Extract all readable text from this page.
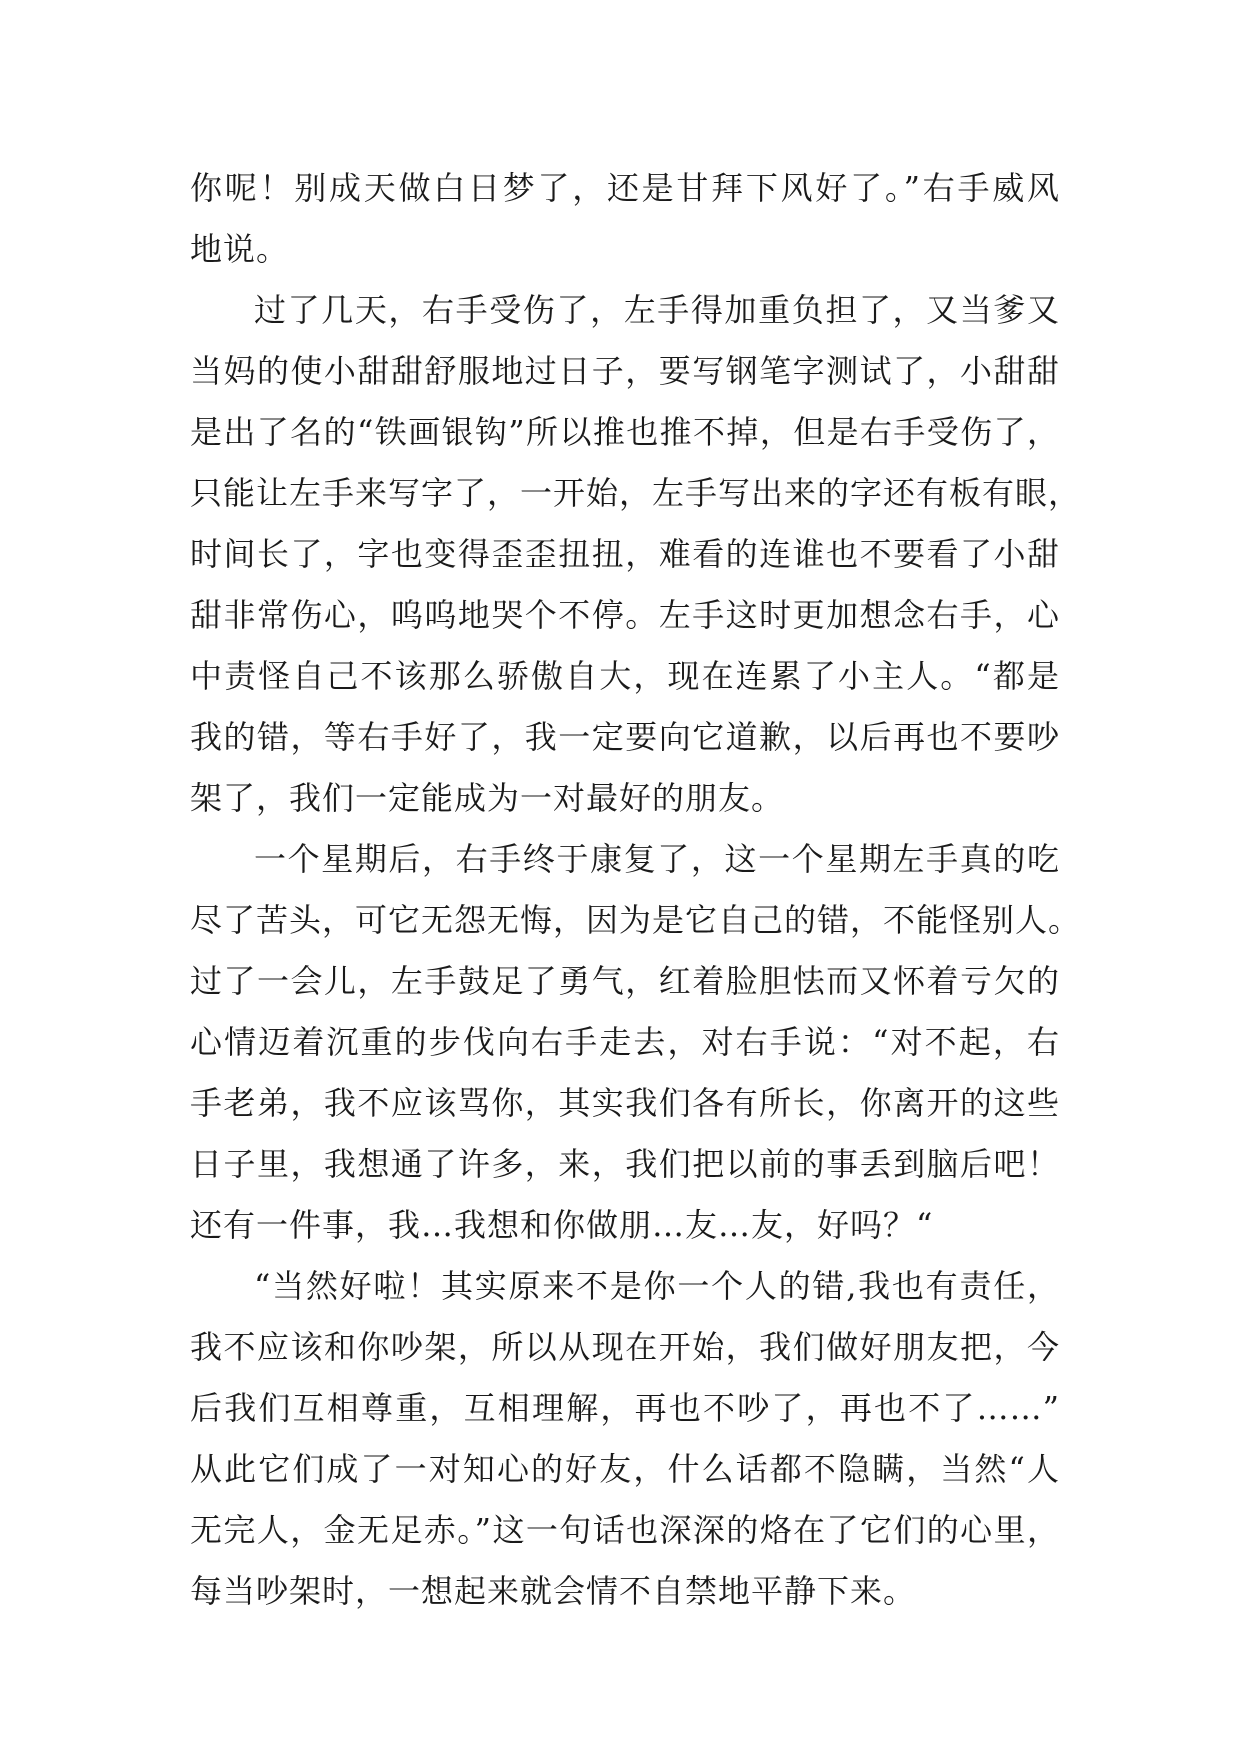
你呢！别成天做白日梦了，还是甘拜下风好了。”右手威风
地说。
过了几天，右手受伤了，左手得加重负担了，又当爹又
当妈的使小甜甜舒服地过日子，要写钢笔字测试了，小甜甜
是出了名的“铁画银钩”所以推也推不掉，但是右手受伤了，
只能让左手来写字了，一开始，左手写出来的字还有板有眼，
时间长了，字也变得歪歪扭扭，难看的连谁也不要看了小甜
甜非常伤心，呜呜地哭个不停。左手这时更加想念右手，心
中责怪自己不该那么骄傲自大，现在连累了小主人。“都是
我的错，等右手好了，我一定要向它道歉，以后再也不要吵
架了，我们一定能成为一对最好的朋友。
一个星期后，右手终于康复了，这一个星期左手真的吃
尽了苦头，可它无怨无悔，因为是它自己的错，不能怪别人。
过了一会儿，左手鼓足了勇气，红着脸胆怯而又怀着亏欠的
心情迈着沉重的步伐向右手走去，对右手说：“对不起，右
手老弟，我不应该骂你，其实我们各有所长，你离开的这些
日子里，我想通了许多，来，我们把以前的事丢到脑后吧！
还有一件事，我…我想和你做朋…友…友，好吗？“
“当然好啦！其实原来不是你一个人的错,我也有责任，
我不应该和你吵架，所以从现在开始，我们做好朋友把，今
后我们互相尊重，互相理解，再也不吵了，再也不了……”
从此它们成了一对知心的好友，什么话都不隐瞒，当然“人
无完人，金无足赤。”这一句话也深深的烙在了它们的心里，
每当吵架时，一想起来就会情不自禁地平静下来。
